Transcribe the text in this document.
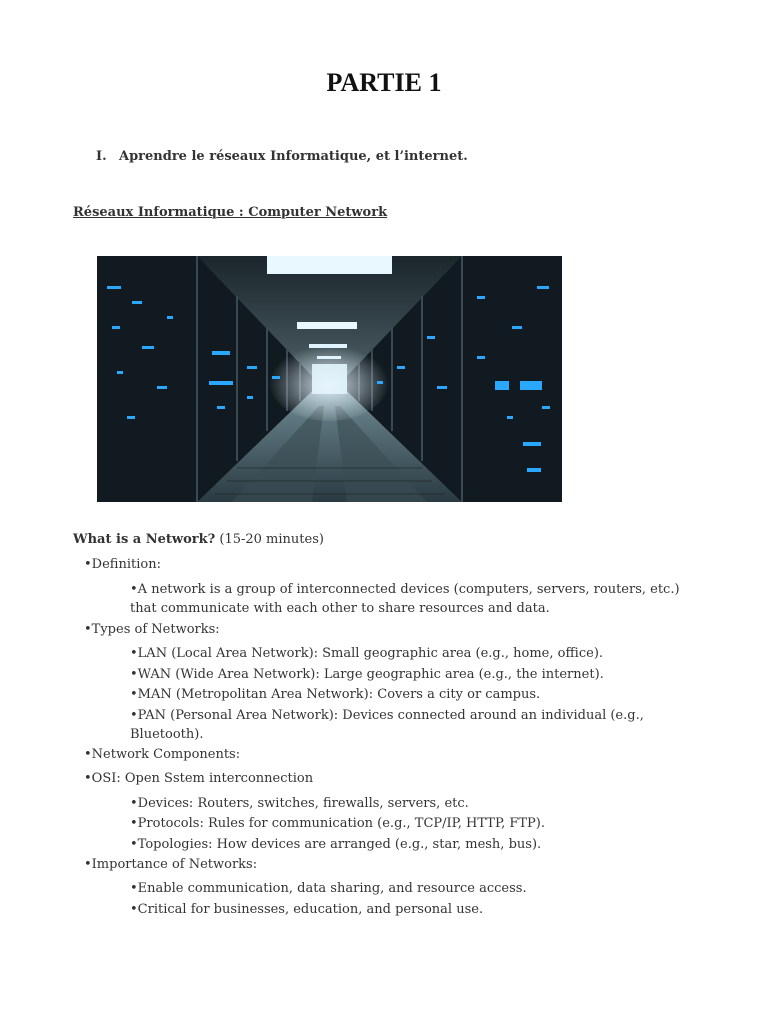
PARTIE 1
I. Aprendre le réseaux Informatique, et l’internet.
Réseaux Informatique : Computer Network
What is a Network? (15-20 minutes)
•Definition:
•A network is a group of interconnected devices (computers, servers, routers, etc.)
that communicate with each other to share resources and data.
•Types of Networks:
•LAN (Local Area Network): Small geographic area (e.g., home, office).
•WAN (Wide Area Network): Large geographic area (e.g., the internet).
•MAN (Metropolitan Area Network): Covers a city or campus.
•PAN (Personal Area Network): Devices connected around an individual (e.g.,
Bluetooth).
•Network Components:
•OSI: Open Sstem interconnection
•Devices: Routers, switches, firewalls, servers, etc.
•Protocols: Rules for communication (e.g., TCP/IP, HTTP, FTP).
•Topologies: How devices are arranged (e.g., star, mesh, bus).
•Importance of Networks:
•Enable communication, data sharing, and resource access.
•Critical for businesses, education, and personal use.
